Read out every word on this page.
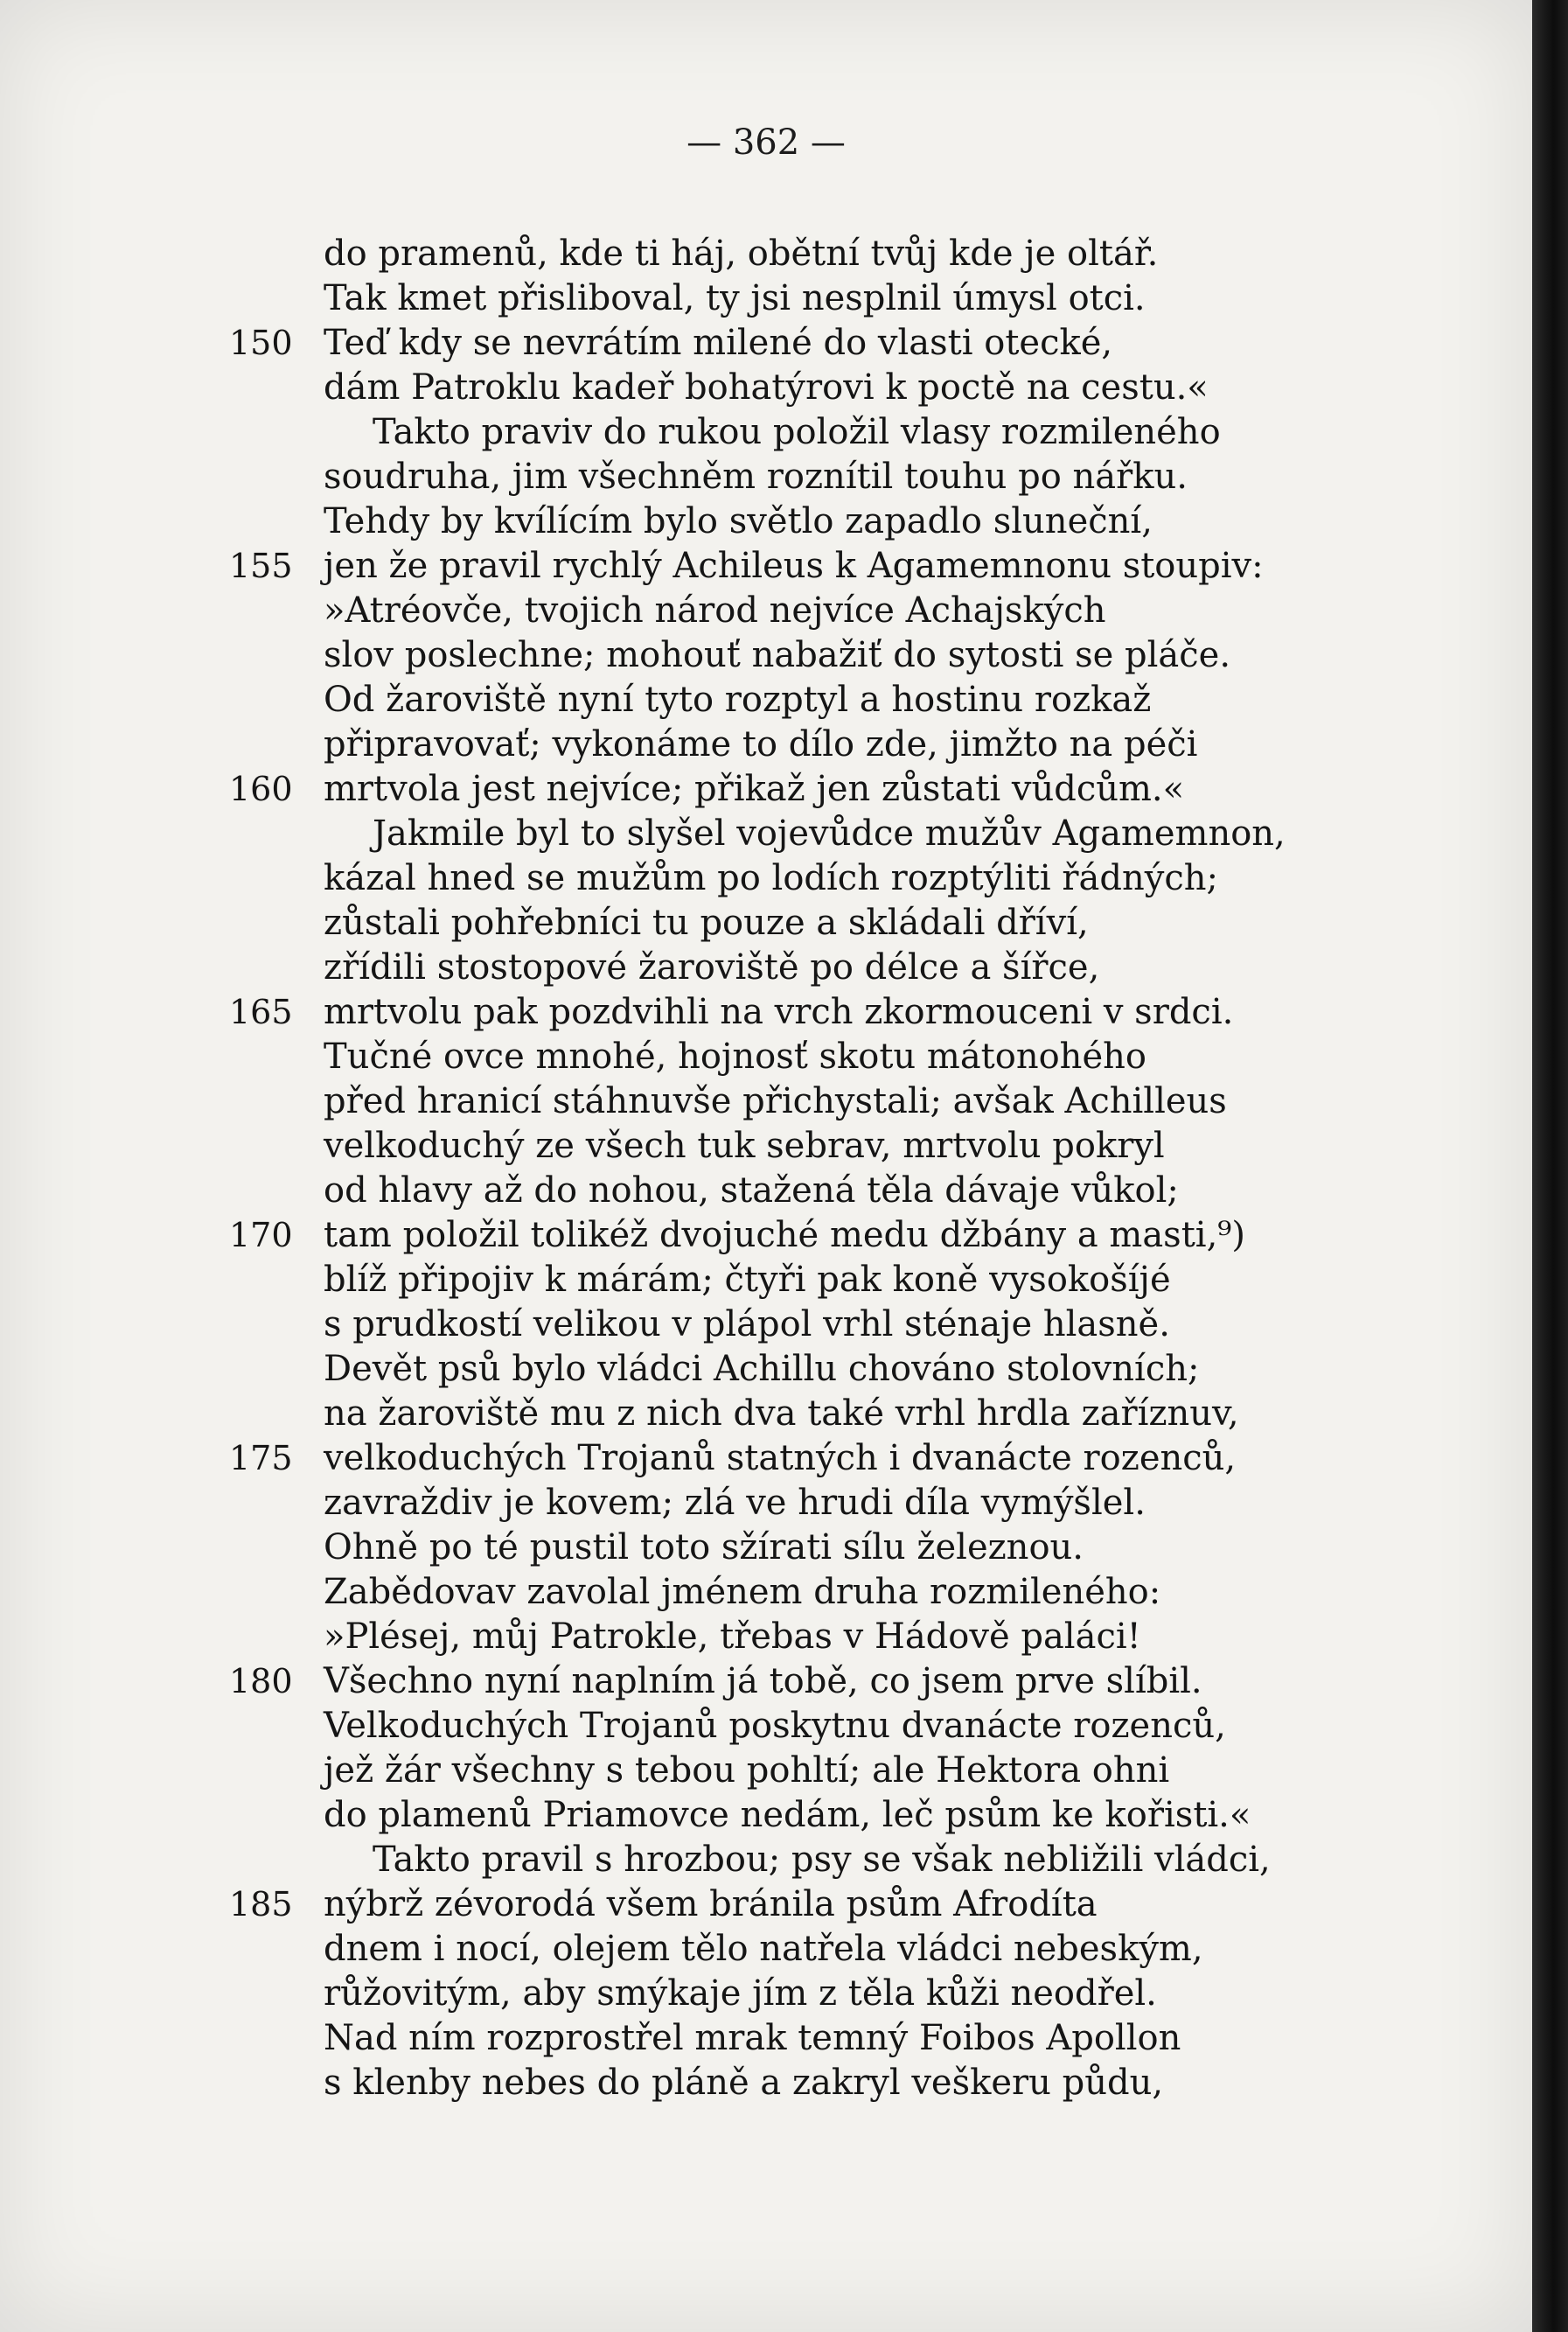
— 362 —
do pramenů, kde ti háj, obětní tvůj kde je oltář.
Tak kmet přisliboval, ty jsi nesplnil úmysl otci.
150 Teď kdy se nevrátím milené do vlasti otecké,
dám Patroklu kadeř bohatýrovi k poctě na cestu.«
Takto praviv do rukou položil vlasy rozmileného
soudruha, jim všechněm roznítil touhu po nářku.
Tehdy by kvílícím bylo světlo zapadlo sluneční,
155 jen že pravil rychlý Achileus k Agamemnonu stoupiv:
»Atréovče, tvojich národ nejvíce Achajských
slov poslechne; mohouť nabažiť do sytosti se pláče.
Od žaroviště nyní tyto rozptyl a hostinu rozkaž
připravovať; vykonáme to dílo zde, jimžto na péči
160 mrtvola jest nejvíce; přikaž jen zůstati vůdcům.«
Jakmile byl to slyšel vojevůdce mužův Agamemnon,
kázal hned se mužům po lodích rozptýliti řádných;
zůstali pohřebníci tu pouze a skládali dříví,
zřídili stostopové žaroviště po délce a šířce,
165 mrtvolu pak pozdvihli na vrch zkormouceni v srdci.
Tučné ovce mnohé, hojnosť skotu mátonohého
před hranicí stáhnuvše přichystali; avšak Achilleus
velkoduchý ze všech tuk sebrav, mrtvolu pokryl
od hlavy až do nohou, stažená těla dávaje vůkol;
170 tam položil tolikéž dvojuché medu džbány a masti,⁹)
blíž připojiv k márám; čtyři pak koně vysokošíjé
s prudkostí velikou v plápol vrhl sténaje hlasně.
Devět psů bylo vládci Achillu chováno stolovních;
na žaroviště mu z nich dva také vrhl hrdla zaříznuv,
175 velkoduchých Trojanů statných i dvanácte rozenců,
zavraždiv je kovem; zlá ve hrudi díla vymýšlel.
Ohně po té pustil toto sžírati sílu železnou.
Zabědovav zavolal jménem druha rozmileného:
»Plésej, můj Patrokle, třebas v Hádově paláci!
180 Všechno nyní naplním já tobě, co jsem prve slíbil.
Velkoduchých Trojanů poskytnu dvanácte rozenců,
jež žár všechny s tebou pohltí; ale Hektora ohni
do plamenů Priamovce nedám, leč psům ke kořisti.«
Takto pravil s hrozbou; psy se však nebližili vládci,
185 nýbrž zévorodá všem bránila psům Afrodíta
dnem i nocí, olejem tělo natřela vládci nebeským,
růžovitým, aby smýkaje jím z těla kůži neodřel.
Nad ním rozprostřel mrak temný Foibos Apollon
s klenby nebes do pláně a zakryl veškeru půdu,
